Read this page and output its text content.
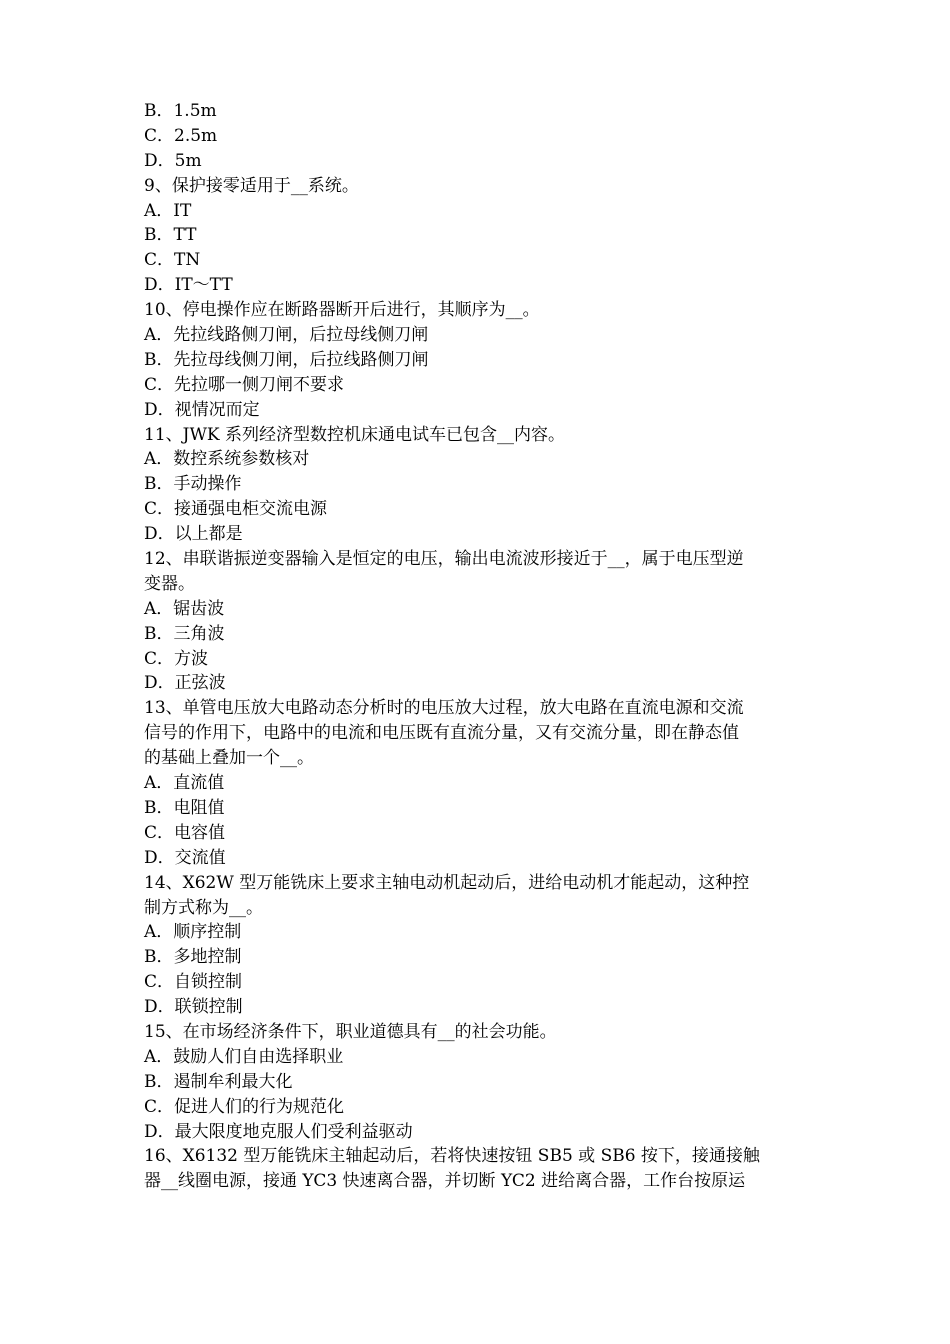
B．1.5m
C．2.5m
D．5m
9、保护接零适用于__系统。
A．IT
B．TT
C．TN
D．IT～TT
10、停电操作应在断路器断开后进行，其顺序为__。
A．先拉线路侧刀闸，后拉母线侧刀闸
B．先拉母线侧刀闸，后拉线路侧刀闸
C．先拉哪一侧刀闸不要求
D．视情况而定
11、JWK 系列经济型数控机床通电试车已包含__内容。
A．数控系统参数核对
B．手动操作
C．接通强电柜交流电源
D．以上都是
12、串联谐振逆变器输入是恒定的电压，输出电流波形接近于__，属于电压型逆
变器。
A．锯齿波
B．三角波
C．方波
D．正弦波
13、单管电压放大电路动态分析时的电压放大过程，放大电路在直流电源和交流
信号的作用下，电路中的电流和电压既有直流分量，又有交流分量，即在静态值
的基础上叠加一个__。
A．直流值
B．电阻值
C．电容值
D．交流值
14、X62W 型万能铣床上要求主轴电动机起动后，进给电动机才能起动，这种控
制方式称为__。
A．顺序控制
B．多地控制
C．自锁控制
D．联锁控制
15、在市场经济条件下，职业道德具有__的社会功能。
A．鼓励人们自由选择职业
B．遏制牟利最大化
C．促进人们的行为规范化
D．最大限度地克服人们受利益驱动
16、X6132 型万能铣床主轴起动后，若将快速按钮 SB5 或 SB6 按下，接通接触
器__线圈电源，接通 YC3 快速离合器，并切断 YC2 进给离合器，工作台按原运
